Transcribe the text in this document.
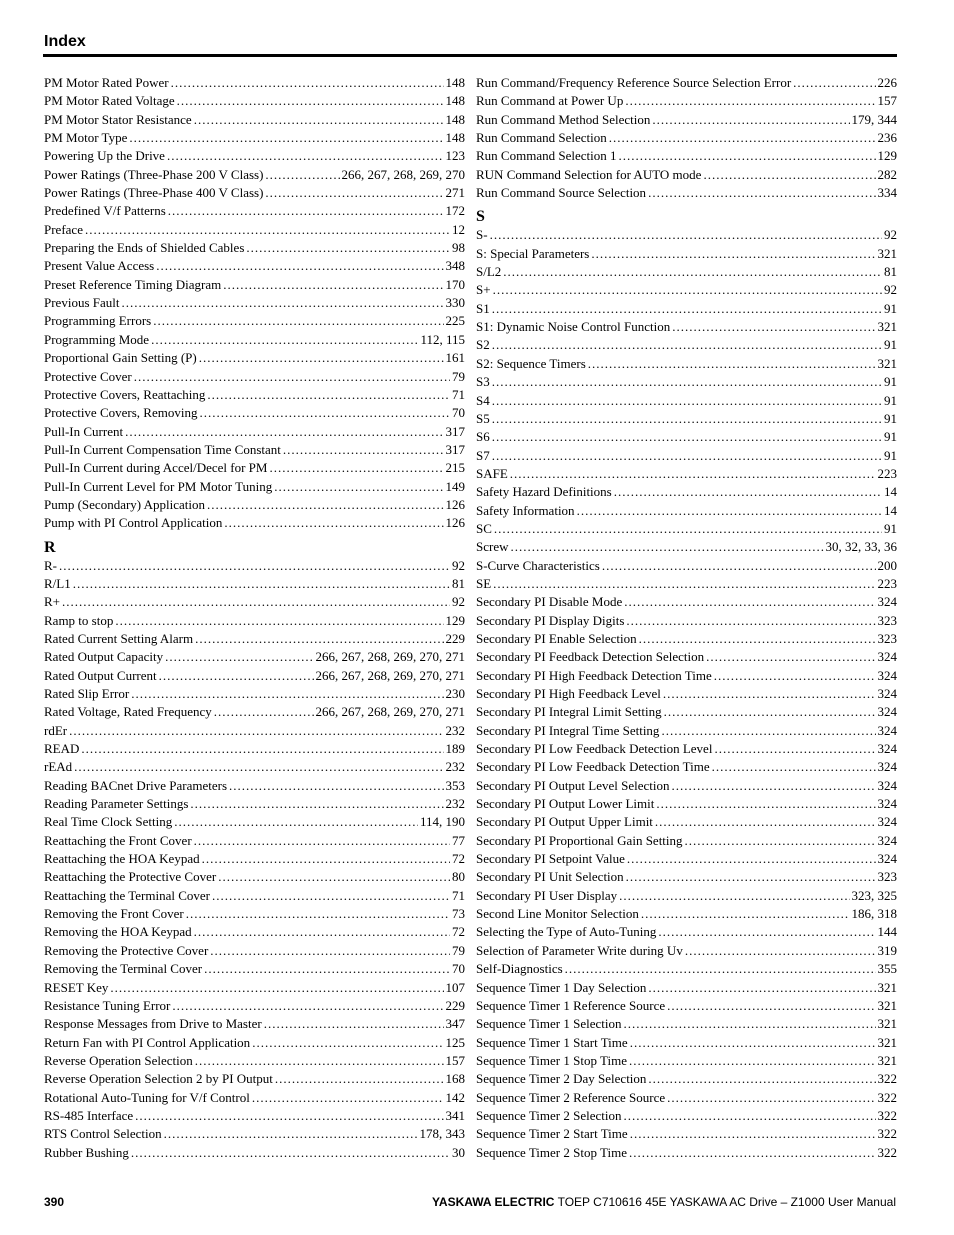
Index
PM Motor Rated Power .....	148
PM Motor Rated Voltage .....	148
PM Motor Stator Resistance .....	148
PM Motor Type .....	148
Powering Up the Drive .....	123
Power Ratings (Three-Phase 200 V Class) .....	266, 267, 268, 269, 270
Power Ratings (Three-Phase 400 V Class) .....	271
Predefined V/f Patterns .....	172
Preface .....	12
Preparing the Ends of Shielded Cables .....	98
Present Value Access .....	348
Preset Reference Timing Diagram .....	170
Previous Fault .....	330
Programming Errors .....	225
Programming Mode .....	112, 115
Proportional Gain Setting (P) .....	161
Protective Cover .....	79
Protective Covers, Reattaching .....	71
Protective Covers, Removing .....	70
Pull-In Current .....	317
Pull-In Current Compensation Time Constant .....	317
Pull-In Current during Accel/Decel for PM .....	215
Pull-In Current Level for PM Motor Tuning .....	149
Pump (Secondary) Application .....	126
Pump with PI Control Application .....	126
R
R- .....	92
R/L1 .....	81
R+ .....	92
Ramp to stop .....	129
Rated Current Setting Alarm .....	229
Rated Output Capacity .....	266, 267, 268, 269, 270, 271
Rated Output Current .....	266, 267, 268, 269, 270, 271
Rated Slip Error .....	230
Rated Voltage, Rated Frequency .....	266, 267, 268, 269, 270, 271
rdEr .....	232
READ .....	189
rEAd .....	232
Reading BACnet Drive Parameters .....	353
Reading Parameter Settings .....	232
Real Time Clock Setting .....	114, 190
Reattaching the Front Cover .....	77
Reattaching the HOA Keypad .....	72
Reattaching the Protective Cover .....	80
Reattaching the Terminal Cover .....	71
Removing the Front Cover .....	73
Removing the HOA Keypad .....	72
Removing the Protective Cover .....	79
Removing the Terminal Cover .....	70
RESET Key .....	107
Resistance Tuning Error .....	229
Response Messages from Drive to Master .....	347
Return Fan with PI Control Application .....	125
Reverse Operation Selection .....	157
Reverse Operation Selection 2 by PI Output .....	168
Rotational Auto-Tuning for V/f Control .....	142
RS-485 Interface .....	341
RTS Control Selection .....	178, 343
Rubber Bushing .....	30
Run Command/Frequency Reference Source Selection Error .....	226
Run Command at Power Up .....	157
Run Command Method Selection .....	179, 344
Run Command Selection .....	236
Run Command Selection 1 .....	129
RUN Command Selection for AUTO mode .....	282
Run Command Source Selection .....	334
S
S- .....	92
S: Special Parameters .....	321
S/L2 .....	81
S+ .....	92
S1 .....	91
S1: Dynamic Noise Control Function .....	321
S2 .....	91
S2: Sequence Timers .....	321
S3 .....	91
S4 .....	91
S5 .....	91
S6 .....	91
S7 .....	91
SAFE .....	223
Safety Hazard Definitions .....	14
Safety Information .....	14
SC .....	91
Screw .....	30, 32, 33, 36
S-Curve Characteristics .....	200
SE .....	223
Secondary PI Disable Mode .....	324
Secondary PI Display Digits .....	323
Secondary PI Enable Selection .....	323
Secondary PI Feedback Detection Selection .....	324
Secondary PI High Feedback Detection Time .....	324
Secondary PI High Feedback Level .....	324
Secondary PI Integral Limit Setting .....	324
Secondary PI Integral Time Setting .....	324
Secondary PI Low Feedback Detection Level .....	324
Secondary PI Low Feedback Detection Time .....	324
Secondary PI Output Level Selection .....	324
Secondary PI Output Lower Limit .....	324
Secondary PI Output Upper Limit .....	324
Secondary PI Proportional Gain Setting .....	324
Secondary PI Setpoint Value .....	324
Secondary PI Unit Selection .....	323
Secondary PI User Display .....	323, 325
Second Line Monitor Selection .....	186, 318
Selecting the Type of Auto-Tuning .....	144
Selection of Parameter Write during Uv .....	319
Self-Diagnostics .....	355
Sequence Timer 1 Day Selection .....	321
Sequence Timer 1 Reference Source .....	321
Sequence Timer 1 Selection .....	321
Sequence Timer 1 Start Time .....	321
Sequence Timer 1 Stop Time .....	321
Sequence Timer 2 Day Selection .....	322
Sequence Timer 2 Reference Source .....	322
Sequence Timer 2 Selection .....	322
Sequence Timer 2 Start Time .....	322
Sequence Timer 2 Stop Time .....	322
390	YASKAWA ELECTRIC TOEP C710616 45E YASKAWA AC Drive – Z1000 User Manual
